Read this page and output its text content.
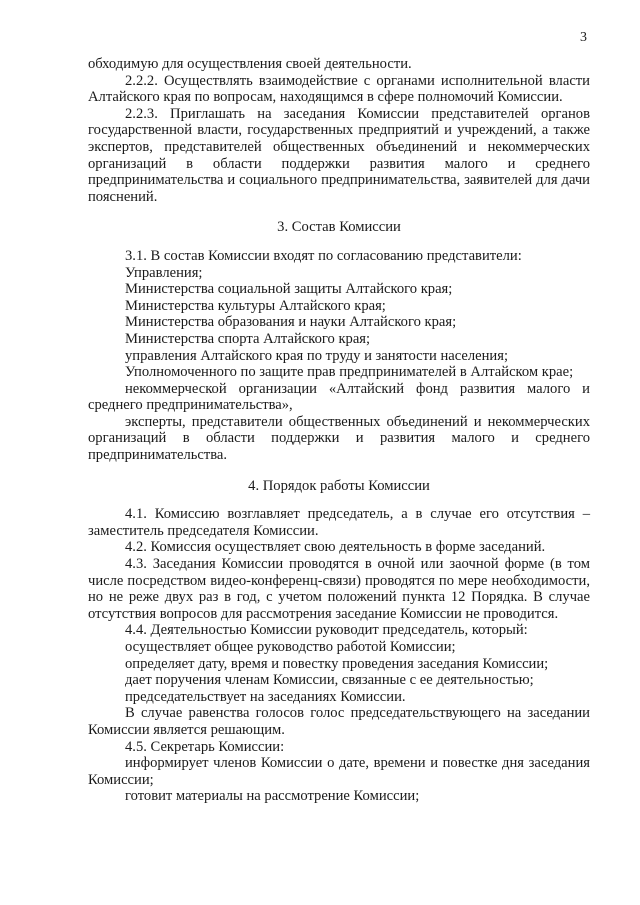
3

обходимую для осуществления своей деятельности.

2.2.2. Осуществлять взаимодействие с органами исполнительной власти Алтайского края по вопросам, находящимся в сфере полномочий Комиссии.

2.2.3. Приглашать на заседания Комиссии представителей органов государственной власти, государственных предприятий и учреждений, а также экспертов, представителей общественных объединений и некоммерческих организаций в области поддержки развития малого и среднего предпринимательства и социального предпринимательства, заявителей для дачи пояснений.

3. Состав Комиссии

3.1. В состав Комиссии входят по согласованию представители:

Управления;

Министерства социальной защиты Алтайского края;

Министерства культуры Алтайского края;

Министерства образования и науки Алтайского края;

Министерства спорта Алтайского края;

управления Алтайского края по труду и занятости населения;

Уполномоченного по защите прав предпринимателей в Алтайском крае;

некоммерческой организации «Алтайский фонд развития малого и среднего предпринимательства»,

эксперты, представители общественных объединений и некоммерческих организаций в области поддержки и развития малого и среднего предпринимательства.

4. Порядок работы Комиссии

4.1. Комиссию возглавляет председатель, а в случае его отсутствия – заместитель председателя Комиссии.

4.2. Комиссия осуществляет свою деятельность в форме заседаний.

4.3. Заседания Комиссии проводятся в очной или заочной форме (в том числе посредством видео-конференц-связи) проводятся по мере необходимости, но не реже двух раз в год, с учетом положений пункта 12 Порядка. В случае отсутствия вопросов для рассмотрения заседание Комиссии не проводится.

4.4. Деятельностью Комиссии руководит председатель, который:

осуществляет общее руководство работой Комиссии;

определяет дату, время и повестку проведения заседания Комиссии;

дает поручения членам Комиссии, связанные с ее деятельностью;

председательствует на заседаниях Комиссии.

В случае равенства голосов голос председательствующего на заседании Комиссии является решающим.

4.5. Секретарь Комиссии:

информирует членов Комиссии о дате, времени и повестке дня заседания Комиссии;

готовит материалы на рассмотрение Комиссии;
